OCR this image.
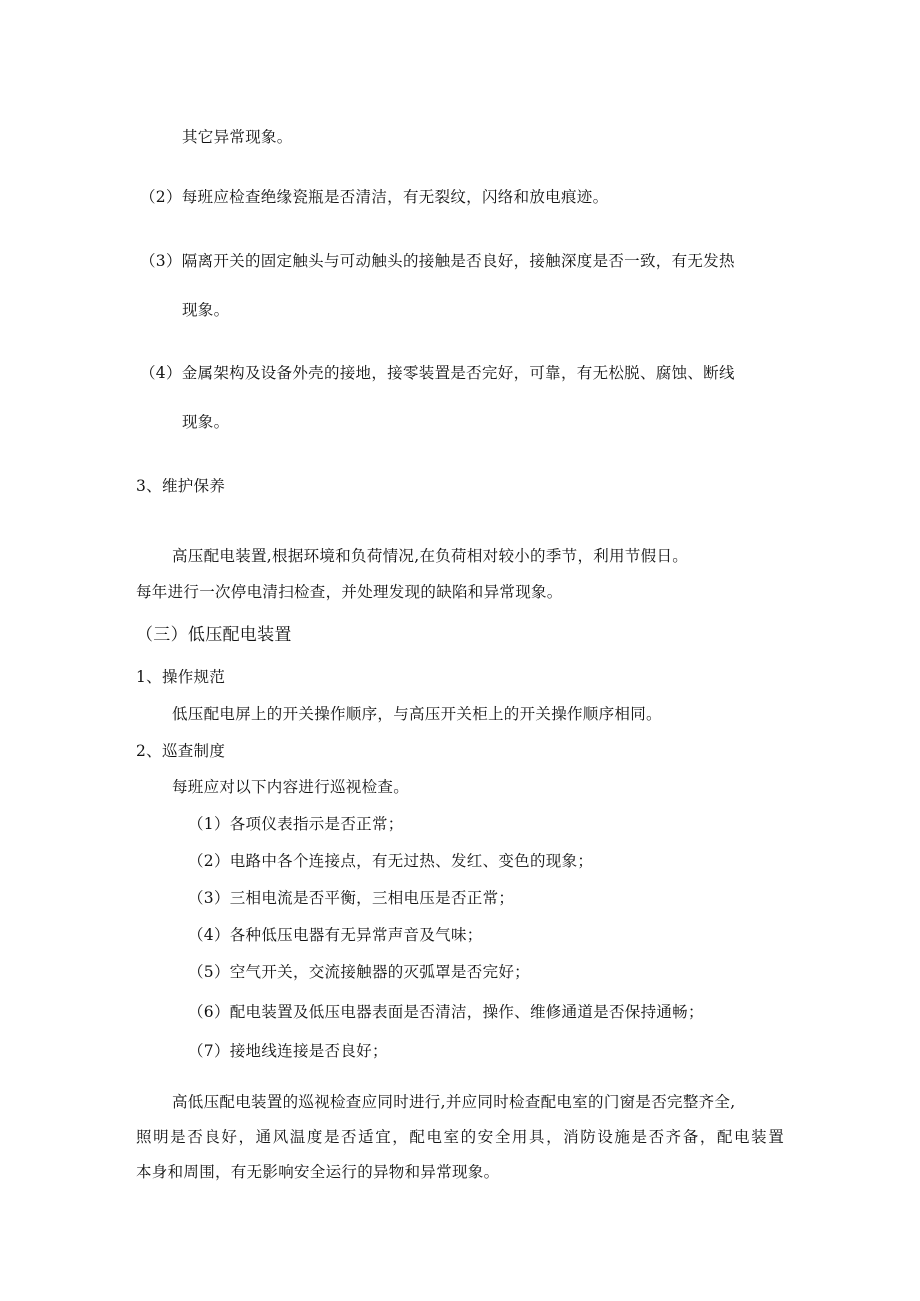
其它异常现象。
（2）每班应检查绝缘瓷瓶是否清洁，有无裂纹，闪络和放电痕迹。
（3）隔离开关的固定触头与可动触头的接触是否良好，接触深度是否一致，有无发热
现象。
（4）金属架构及设备外壳的接地，接零装置是否完好，可靠，有无松脱、腐蚀、断线
现象。
3、维护保养
高压配电装置,根据环境和负荷情况,在负荷相对较小的季节，利用节假日。
每年进行一次停电清扫检查，并处理发现的缺陷和异常现象。
（三）低压配电装置
1、操作规范
低压配电屏上的开关操作顺序，与高压开关柜上的开关操作顺序相同。
2、巡查制度
每班应对以下内容进行巡视检查。
（1）各项仪表指示是否正常；
（2）电路中各个连接点，有无过热、发红、变色的现象；
（3）三相电流是否平衡，三相电压是否正常；
（4）各种低压电器有无异常声音及气味；
（5）空气开关，交流接触器的灭弧罩是否完好；
（6）配电装置及低压电器表面是否清洁，操作、维修通道是否保持通畅；
（7）接地线连接是否良好；
高低压配电装置的巡视检查应同时进行,并应同时检查配电室的门窗是否完整齐全,
照明是否良好，通风温度是否适宜，配电室的安全用具，消防设施是否齐备，配电装置
本身和周围，有无影响安全运行的异物和异常现象。
